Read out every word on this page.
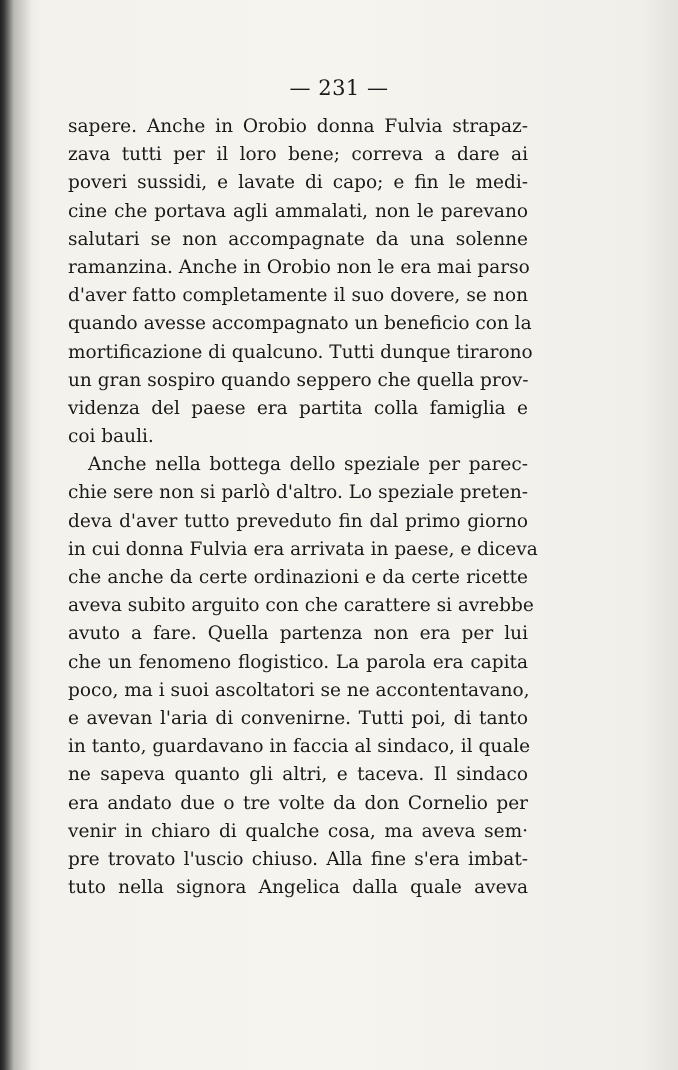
— 231 —
sapere. Anche in Orobio donna Fulvia strapaz-
zava tutti per il loro bene; correva a dare ai
poveri sussidi, e lavate di capo; e fin le medi-
cine che portava agli ammalati, non le parevano
salutari se non accompagnate da una solenne
ramanzina. Anche in Orobio non le era mai parso
d'aver fatto completamente il suo dovere, se non
quando avesse accompagnato un beneficio con la
mortificazione di qualcuno. Tutti dunque tirarono
un gran sospiro quando seppero che quella prov-
videnza del paese era partita colla famiglia e
coi bauli.
Anche nella bottega dello speziale per parec-
chie sere non si parlò d'altro. Lo speziale preten-
deva d'aver tutto preveduto fin dal primo giorno
in cui donna Fulvia era arrivata in paese, e diceva
che anche da certe ordinazioni e da certe ricette
aveva subito arguito con che carattere si avrebbe
avuto a fare. Quella partenza non era per lui
che un fenomeno flogistico. La parola era capita
poco, ma i suoi ascoltatori se ne accontentavano,
e avevan l'aria di convenirne. Tutti poi, di tanto
in tanto, guardavano in faccia al sindaco, il quale
ne sapeva quanto gli altri, e taceva. Il sindaco
era andato due o tre volte da don Cornelio per
venir in chiaro di qualche cosa, ma aveva sem·
pre trovato l'uscio chiuso. Alla fine s'era imbat-
tuto nella signora Angelica dalla quale aveva
